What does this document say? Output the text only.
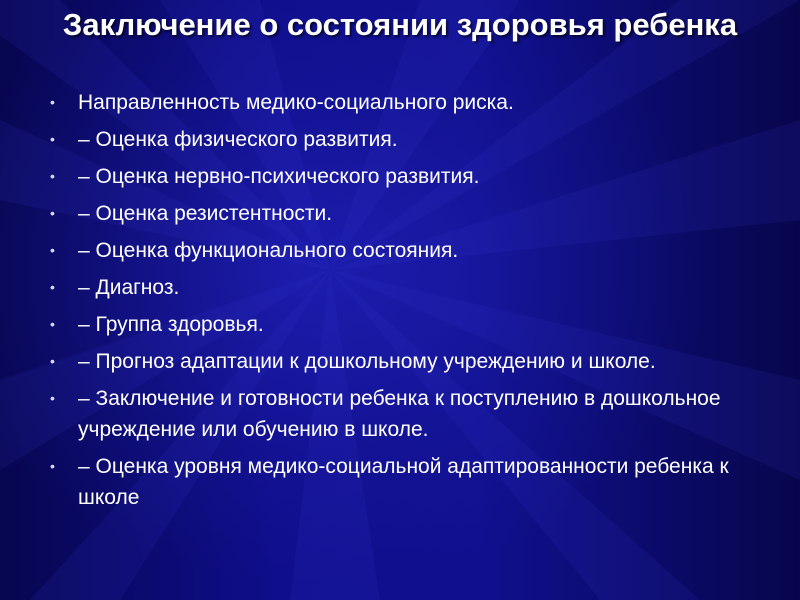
Заключение о состоянии здоровья ребенка
• Направленность медико-социального риска.
• – Оценка физического развития.
• – Оценка нервно-психического развития.
• – Оценка резистентности.
• – Оценка функционального состояния.
• – Диагноз.
• – Группа здоровья.
• – Прогноз адаптации к дошкольному учреждению и школе.
• – Заключение и готовности ребенка к поступлению в дошкольное учреждение или обучению в школе.
• – Оценка уровня медико-социальной адаптированности ребенка к школе
